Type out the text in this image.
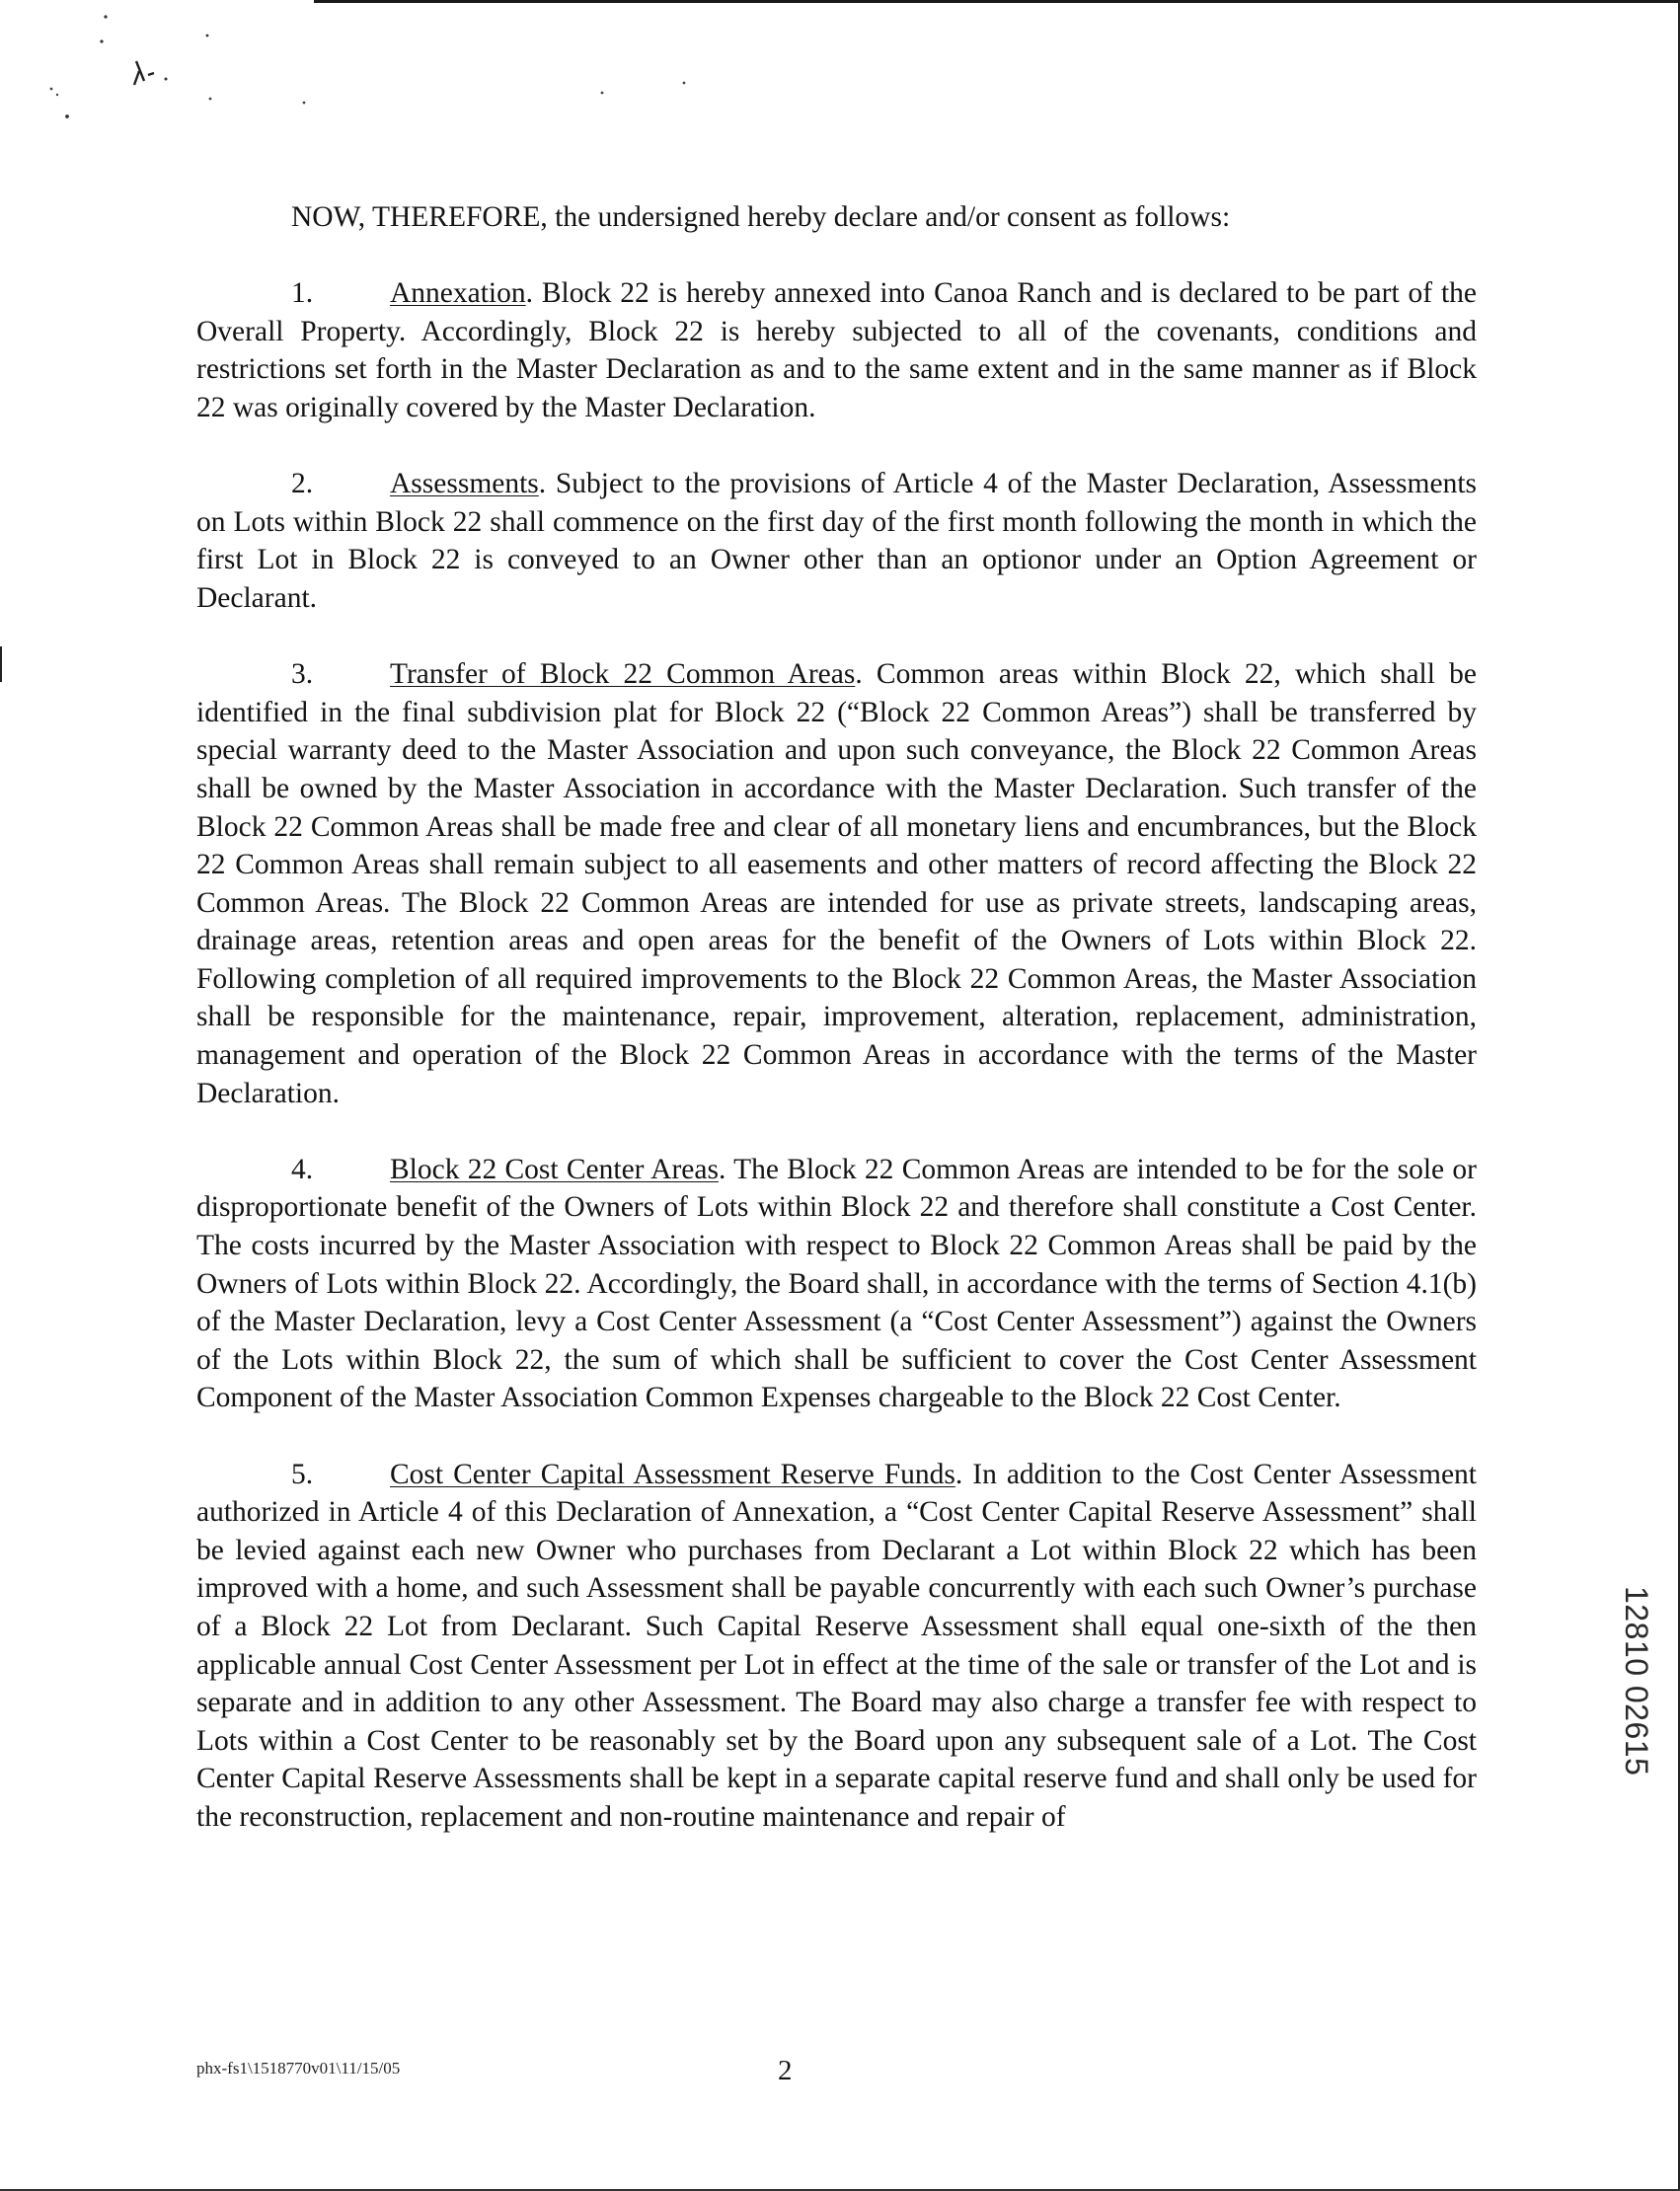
NOW, THEREFORE, the undersigned hereby declare and/or consent as follows:

1.	Annexation. Block 22 is hereby annexed into Canoa Ranch and is declared to be part of the Overall Property. Accordingly, Block 22 is hereby subjected to all of the covenants, conditions and restrictions set forth in the Master Declaration as and to the same extent and in the same manner as if Block 22 was originally covered by the Master Declaration.

2.	Assessments. Subject to the provisions of Article 4 of the Master Declaration, Assessments on Lots within Block 22 shall commence on the first day of the first month following the month in which the first Lot in Block 22 is conveyed to an Owner other than an optionor under an Option Agreement or Declarant.

3.	Transfer of Block 22 Common Areas. Common areas within Block 22, which shall be identified in the final subdivision plat for Block 22 (“Block 22 Common Areas”) shall be transferred by special warranty deed to the Master Association and upon such conveyance, the Block 22 Common Areas shall be owned by the Master Association in accordance with the Master Declaration. Such transfer of the Block 22 Common Areas shall be made free and clear of all monetary liens and encumbrances, but the Block 22 Common Areas shall remain subject to all easements and other matters of record affecting the Block 22 Common Areas. The Block 22 Common Areas are intended for use as private streets, landscaping areas, drainage areas, retention areas and open areas for the benefit of the Owners of Lots within Block 22. Following completion of all required improvements to the Block 22 Common Areas, the Master Association shall be responsible for the maintenance, repair, improvement, alteration, replacement, administration, management and operation of the Block 22 Common Areas in accordance with the terms of the Master Declaration.

4.	Block 22 Cost Center Areas. The Block 22 Common Areas are intended to be for the sole or disproportionate benefit of the Owners of Lots within Block 22 and therefore shall constitute a Cost Center. The costs incurred by the Master Association with respect to Block 22 Common Areas shall be paid by the Owners of Lots within Block 22. Accordingly, the Board shall, in accordance with the terms of Section 4.1(b) of the Master Declaration, levy a Cost Center Assessment (a “Cost Center Assessment”) against the Owners of the Lots within Block 22, the sum of which shall be sufficient to cover the Cost Center Assessment Component of the Master Association Common Expenses chargeable to the Block 22 Cost Center.

5.	Cost Center Capital Assessment Reserve Funds. In addition to the Cost Center Assessment authorized in Article 4 of this Declaration of Annexation, a “Cost Center Capital Reserve Assessment” shall be levied against each new Owner who purchases from Declarant a Lot within Block 22 which has been improved with a home, and such Assessment shall be payable concurrently with each such Owner’s purchase of a Block 22 Lot from Declarant. Such Capital Reserve Assessment shall equal one-sixth of the then applicable annual Cost Center Assessment per Lot in effect at the time of the sale or transfer of the Lot and is separate and in addition to any other Assessment. The Board may also charge a transfer fee with respect to Lots within a Cost Center to be reasonably set by the Board upon any subsequent sale of a Lot. The Cost Center Capital Reserve Assessments shall be kept in a separate capital reserve fund and shall only be used for the reconstruction, replacement and non-routine maintenance and repair of

12810 02615
phx-fs1\1518770v01\11/15/05	2
